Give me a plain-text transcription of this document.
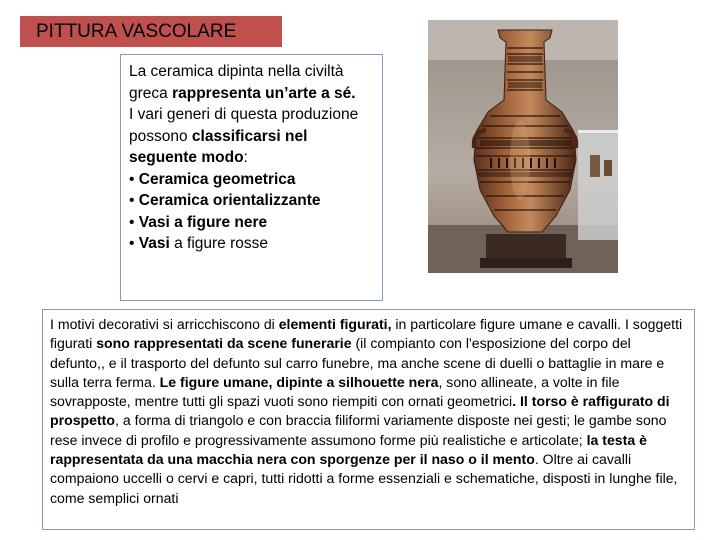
PITTURA VASCOLARE

La ceramica dipinta nella civiltà greca rappresenta un’arte a sé.

I vari generi di questa produzione possono classificarsi nel seguente modo:

• Ceramica geometrica

• Ceramica orientalizzante

• Vasi a figure nere

• Vasi a figure rosse

I motivi decorativi si arricchiscono di elementi figurati, in particolare figure umane e cavalli. I soggetti figurati sono rappresentati da scene funerarie (il compianto con l'esposizione del corpo del defunto,, e il trasporto del defunto sul carro funebre, ma anche scene di duelli o battaglie in mare e sulla terra ferma. Le figure umane, dipinte a silhouette nera, sono allineate, a volte in file sovrapposte, mentre tutti gli spazi vuoti sono riempiti con ornati geometrici. Il torso è raffigurato di prospetto, a forma di triangolo e con braccia filiformi variamente disposte nei gesti; le gambe sono rese invece di profilo e progressivamente assumono forme più realistiche e articolate; la testa è rappresentata da una macchia nera con sporgenze per il naso o il mento. Oltre ai cavalli compaiono uccelli o cervi e capri, tutti ridotti a forme essenziali e schematiche, disposti in lunghe file, come semplici ornati
